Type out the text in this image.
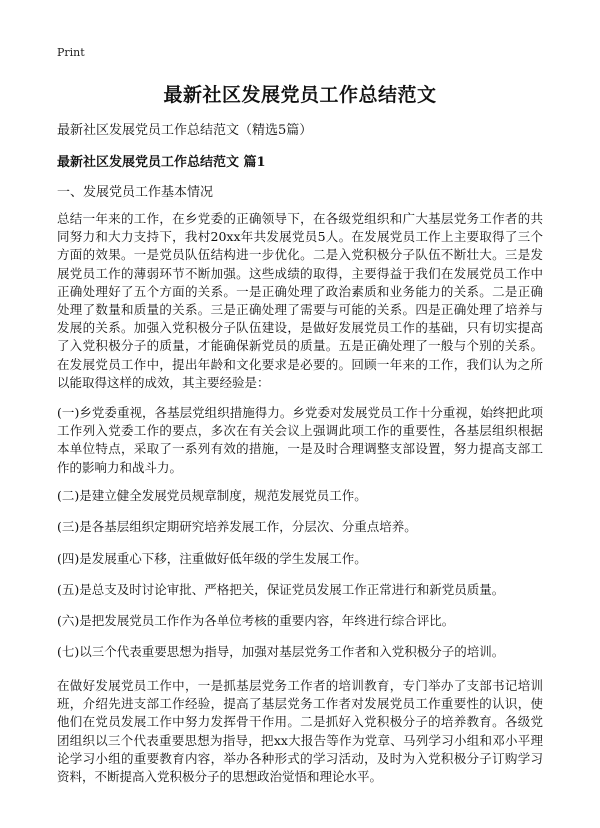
Print
最新社区发展党员工作总结范文
最新社区发展党员工作总结范文（精选5篇）
最新社区发展党员工作总结范文 篇1
一、发展党员工作基本情况
总结一年来的工作，在乡党委的正确领导下，在各级党组织和广大基层党务工作者的共同努力和大力支持下，我村20xx年共发展党员5人。在发展党员工作上主要取得了三个方面的效果。一是党员队伍结构进一步优化。二是入党积极分子队伍不断壮大。三是发展党员工作的薄弱环节不断加强。这些成绩的取得，主要得益于我们在发展党员工作中正确处理好了五个方面的关系。一是正确处理了政治素质和业务能力的关系。二是正确处理了数量和质量的关系。三是正确处理了需要与可能的关系。四是正确处理了培养与发展的关系。加强入党积极分子队伍建设，是做好发展党员工作的基础，只有切实提高了入党积极分子的质量，才能确保新党员的质量。五是正确处理了一般与个别的关系。在发展党员工作中，提出年龄和文化要求是必要的。回顾一年来的工作，我们认为之所以能取得这样的成效，其主要经验是：
(一)乡党委重视，各基层党组织措施得力。乡党委对发展党员工作十分重视，始终把此项工作列入党委工作的要点，多次在有关会议上强调此项工作的重要性，各基层组织根据本单位特点，采取了一系列有效的措施，一是及时合理调整支部设置，努力提高支部工作的影响力和战斗力。
(二)是建立健全发展党员规章制度，规范发展党员工作。
(三)是各基层组织定期研究培养发展工作，分层次、分重点培养。
(四)是发展重心下移，注重做好低年级的学生发展工作。
(五)是总支及时讨论审批、严格把关，保证党员发展工作正常进行和新党员质量。
(六)是把发展党员工作作为各单位考核的重要内容，年终进行综合评比。
(七)以三个代表重要思想为指导，加强对基层党务工作者和入党积极分子的培训。
在做好发展党员工作中，一是抓基层党务工作者的培训教育，专门举办了支部书记培训班，介绍先进支部工作经验，提高了基层党务工作者对发展党员工作重要性的认识，使他们在党员发展工作中努力发挥骨干作用。二是抓好入党积极分子的培养教育。各级党团组织以三个代表重要思想为指导，把xx大报告等作为党章、马列学习小组和邓小平理论学习小组的重要教育内容，举办各种形式的学习活动，及时为入党积极分子订购学习资料，不断提高入党积极分子的思想政治觉悟和理论水平。
